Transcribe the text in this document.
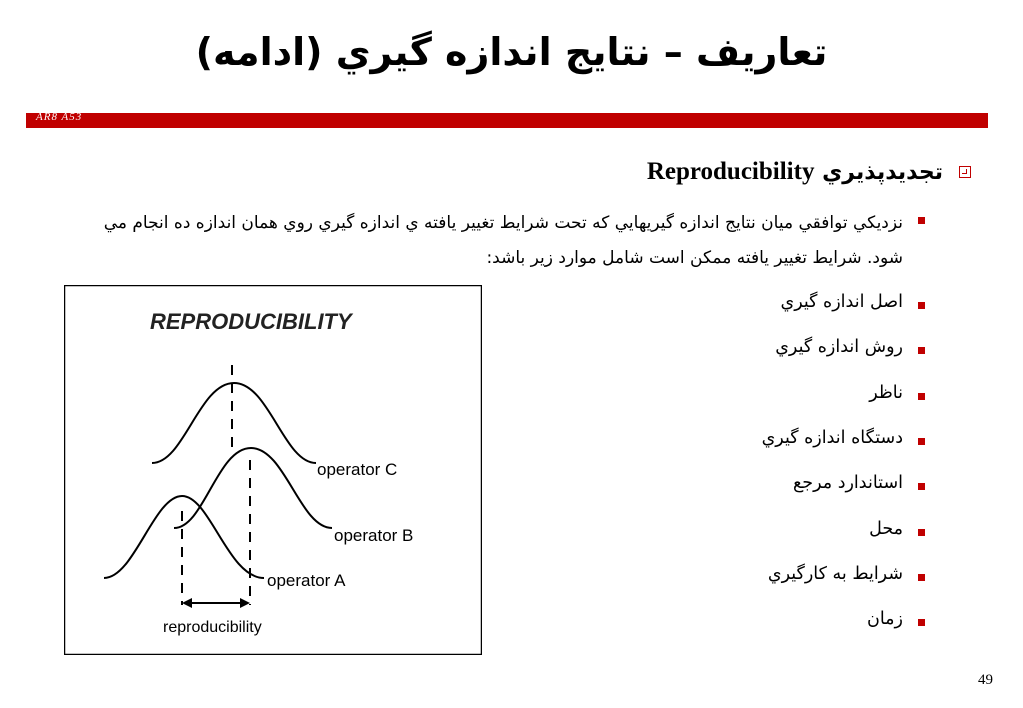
تعاريف – نتايج اندازه گيري (ادامه)
AR8 A53
تجديدپذيري Reproducibility
نزديكي توافقي ميان نتايج اندازه گيريهايي كه تحت شرايط تغيير يافته ي اندازه گيري روي همان اندازه ده انجام مي شود. شرايط تغيير يافته ممكن است شامل موارد زير باشد:
اصل اندازه گيري
روش اندازه گيري
ناظر
دستگاه اندازه گيري
استاندارد مرجع
محل
شرايط به كارگيري
زمان
REPRODUCIBILITY
operator C
operator B
operator A
reproducibility
49
